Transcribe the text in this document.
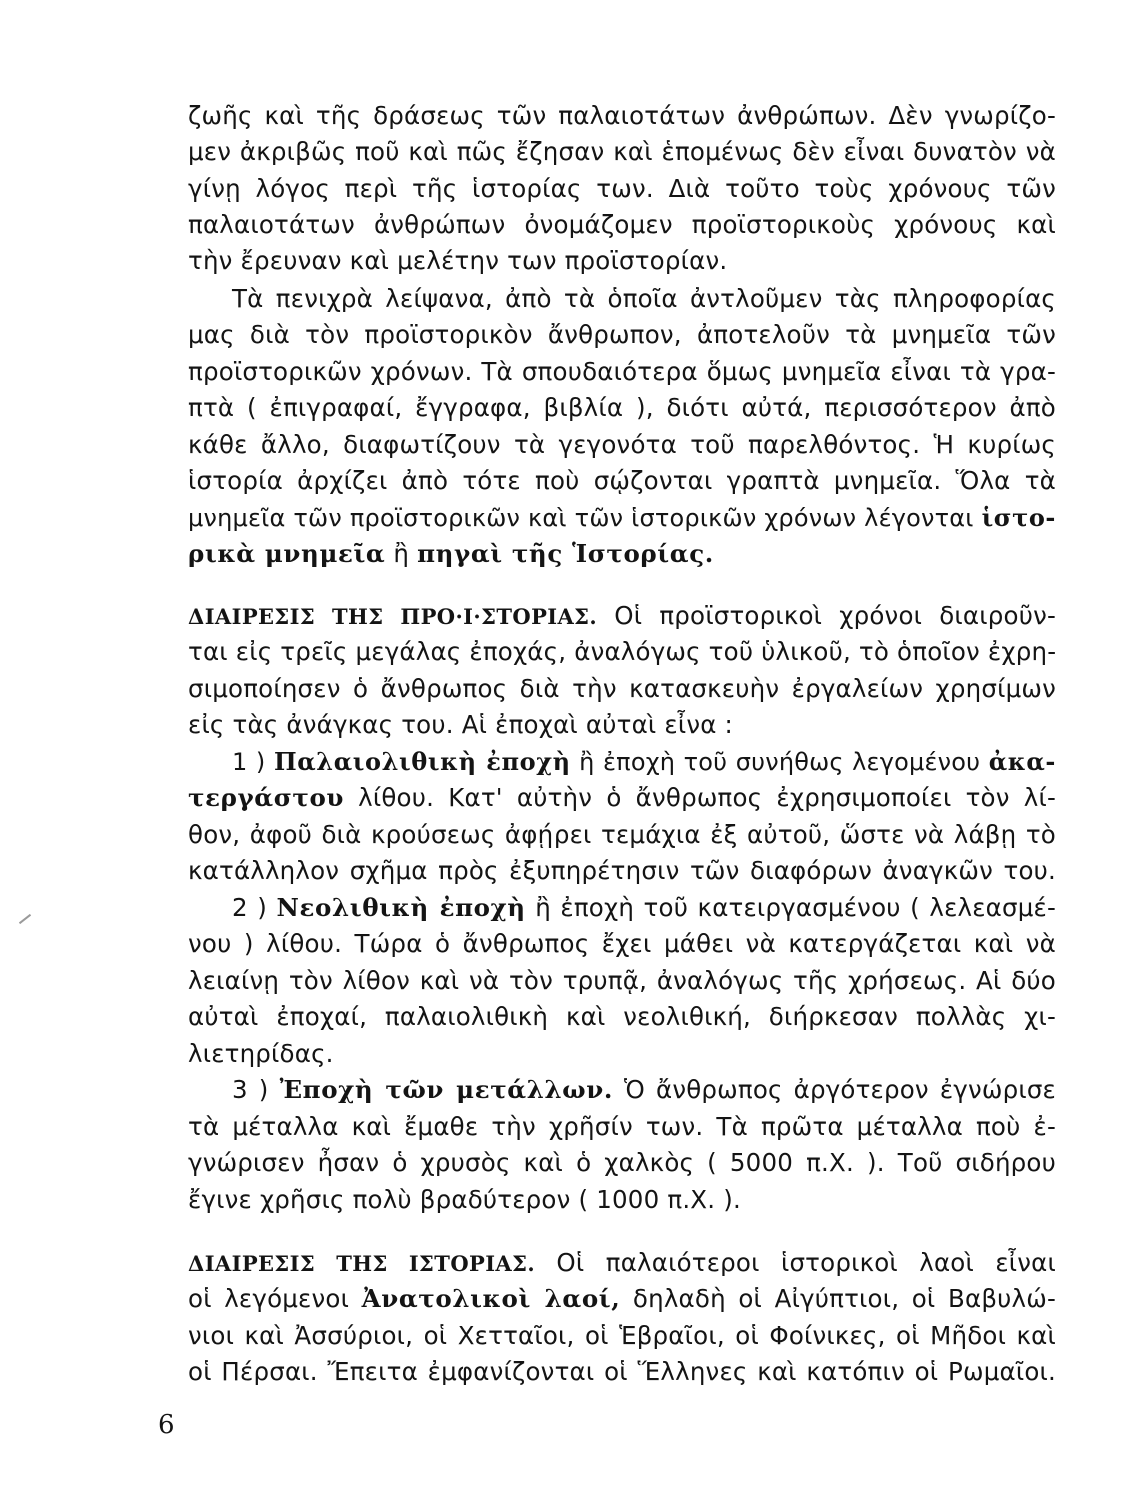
ζωῆς καὶ τῆς δράσεως τῶν παλαιοτάτων ἀνθρώπων. Δὲν γνωρίζο-
μεν ἀκριβῶς ποῦ καὶ πῶς ἔζησαν καὶ ἑπομένως δὲν εἶναι δυνατὸν νὰ
γίνῃ λόγος περὶ τῆς ἱστορίας των. Διὰ τοῦτο τοὺς χρόνους τῶν
παλαιοτάτων ἀνθρώπων ὀνομάζομεν προϊστορικοὺς χρόνους καὶ
τὴν ἔρευναν καὶ μελέτην των προϊστορίαν.
Τὰ πενιχρὰ λείψανα, ἀπὸ τὰ ὁποῖα ἀντλοῦμεν τὰς πληροφορίας
μας διὰ τὸν προϊστορικὸν ἄνθρωπον, ἀποτελοῦν τὰ μνημεῖα τῶν
προϊστορικῶν χρόνων. Τὰ σπουδαιότερα ὅμως μνημεῖα εἶναι τὰ γρα-
πτὰ ( ἐπιγραφαί, ἔγγραφα, βιβλία ), διότι αὐτά, περισσότερον ἀπὸ
κάθε ἄλλο, διαφωτίζουν τὰ γεγονότα τοῦ παρελθόντος. Ἡ κυρίως
ἱστορία ἀρχίζει ἀπὸ τότε ποὺ σῴζονται γραπτὰ μνημεῖα. Ὅλα τὰ
μνημεῖα τῶν προϊστορικῶν καὶ τῶν ἱστορικῶν χρόνων λέγονται ἱστο-
ρικὰ μνημεῖα ἢ πηγαὶ τῆς Ἱστορίας.
ΔΙΑΙΡΕΣΙΣ ΤΗΣ ΠΡΟ·Ι·ΣΤΟΡΙΑΣ. Οἱ προϊστορικοὶ χρόνοι διαιροῦν-
ται εἰς τρεῖς μεγάλας ἐποχάς, ἀναλόγως τοῦ ὑλικοῦ, τὸ ὁποῖον ἐχρη-
σιμοποίησεν ὁ ἄνθρωπος διὰ τὴν κατασκευὴν ἐργαλείων χρησίμων
εἰς τὰς ἀνάγκας του. Αἱ ἐποχαὶ αὐταὶ εἶνα :
1 ) Παλαιολιθικὴ ἐποχὴ ἢ ἐποχὴ τοῦ συνήθως λεγομένου ἀκα-
τεργάστου λίθου. Κατ' αὐτὴν ὁ ἄνθρωπος ἐχρησιμοποίει τὸν λί-
θον, ἀφοῦ διὰ κρούσεως ἀφῄρει τεμάχια ἐξ αὐτοῦ, ὥστε νὰ λάβῃ τὸ
κατάλληλον σχῆμα πρὸς ἐξυπηρέτησιν τῶν διαφόρων ἀναγκῶν του.
2 ) Νεολιθικὴ ἐποχὴ ἢ ἐποχὴ τοῦ κατειργασμένου ( λελεασμέ-
νου ) λίθου. Τώρα ὁ ἄνθρωπος ἔχει μάθει νὰ κατεργάζεται καὶ νὰ
λειαίνῃ τὸν λίθον καὶ νὰ τὸν τρυπᾷ, ἀναλόγως τῆς χρήσεως. Αἱ δύο
αὐταὶ ἐποχαί, παλαιολιθικὴ καὶ νεολιθική, διήρκεσαν πολλὰς χι-
λιετηρίδας.
3 ) Ἐποχὴ τῶν μετάλλων. Ὁ ἄνθρωπος ἀργότερον ἐγνώρισε
τὰ μέταλλα καὶ ἔμαθε τὴν χρῆσίν των. Τὰ πρῶτα μέταλλα ποὺ ἐ-
γνώρισεν ἦσαν ὁ χρυσὸς καὶ ὁ χαλκὸς ( 5000 π.Χ. ). Τοῦ σιδήρου
ἔγινε χρῆσις πολὺ βραδύτερον ( 1000 π.Χ. ).
ΔΙΑΙΡΕΣΙΣ ΤΗΣ ΙΣΤΟΡΙΑΣ. Οἱ παλαιότεροι ἱστορικοὶ λαοὶ εἶναι
οἱ λεγόμενοι Ἀνατολικοὶ λαοί, δηλαδὴ οἱ Αἰγύπτιοι, οἱ Βαβυλώ-
νιοι καὶ Ἀσσύριοι, οἱ Χετταῖοι, οἱ Ἑβραῖοι, οἱ Φοίνικες, οἱ Μῆδοι καὶ
οἱ Πέρσαι. Ἔπειτα ἐμφανίζονται οἱ Ἕλληνες καὶ κατόπιν οἱ Ρωμαῖοι.
6
